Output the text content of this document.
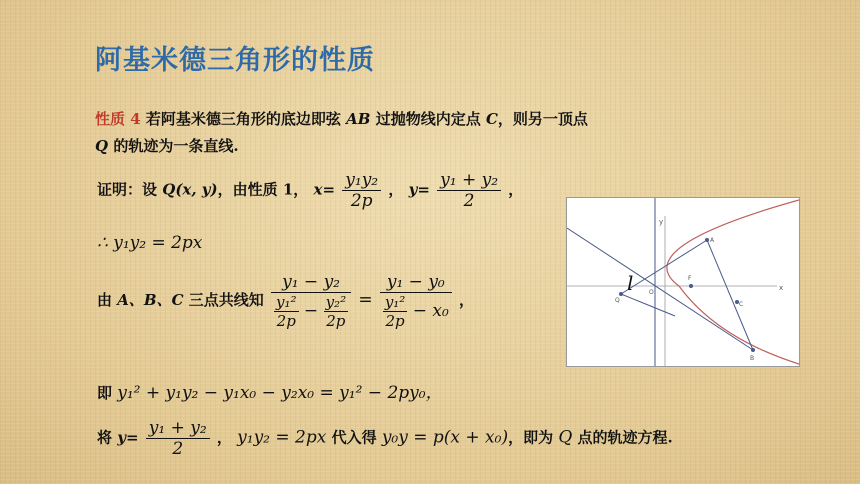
阿基米德三角形的性质
性质 4 若阿基米德三角形的底边即弦 AB 过抛物线内定点 C，则另一顶点
Q 的轨迹为一条直线.
证明：设 Q(x, y)，由性质 1， $x= \frac{\text{y₁y₂}}{2p}$ ， $y= \frac{\text{y₁ + y₂}}{2}$ ，
∴ y₁y₂ = 2px
由 A、B、C 三点共线知 $\frac{\text{y₁ − y₂}}{\frac{\text{y₁²}}{2p} - \frac{\text{y₂²}}{2p}} = \frac{\text{y₁ − y₀}}{\frac{\text{y₁²}}{2p} - x_0}$ ，
即 y₁² + y₁y₂ − y₁x₀ − y₂x₀ = y₁² − 2py₀，
将 $y= \frac{\text{y₁ + y₂}}{2}$ ， y₁y₂ = 2px 代入得 y₀y = p(x + x₀)，即为 Q 点的轨迹方程.
l	x
y
O
F
A
B
C
Q
